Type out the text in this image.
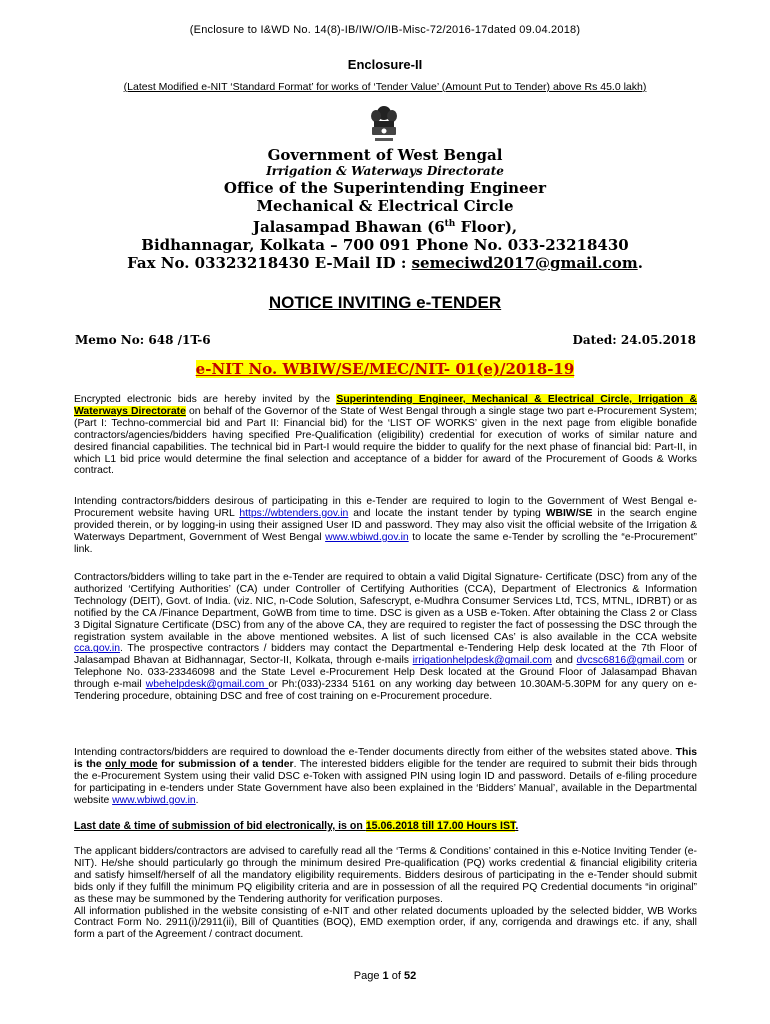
(Enclosure to I&WD No. 14(8)-IB/IW/O/IB-Misc-72/2016-17dated 09.04.2018)
Enclosure-II
(Latest Modified e-NIT ‘Standard Format’ for works of ‘Tender Value’ (Amount Put to Tender) above Rs 45.0 lakh)
Government of West Bengal
Irrigation & Waterways Directorate
Office of the Superintending Engineer
Mechanical & Electrical Circle
Jalasampad Bhawan (6th Floor),
Bidhannagar, Kolkata – 700 091 Phone No. 033-23218430
Fax No. 03323218430 E-Mail ID : semeciwd2017@gmail.com.
NOTICE INVITING e-TENDER
Memo No: 648 /1T-6	Dated: 24.05.2018
e-NIT No. WBIW/SE/MEC/NIT- 01(e)/2018-19
Encrypted electronic bids are hereby invited by the Superintending Engineer, Mechanical & Electrical Circle, Irrigation & Waterways Directorate on behalf of the Governor of the State of West Bengal through a single stage two part e-Procurement System; (Part I: Techno-commercial bid and Part II: Financial bid) for the ‘LIST OF WORKS’ given in the next page from eligible bonafide contractors/agencies/bidders having specified Pre-Qualification (eligibility) credential for execution of works of similar nature and desired financial capabilities. The technical bid in Part-I would require the bidder to qualify for the next phase of financial bid: Part-II, in which L1 bid price would determine the final selection and acceptance of a bidder for award of the Procurement of Goods & Works contract.
Intending contractors/bidders desirous of participating in this e-Tender are required to login to the Government of West Bengal e-Procurement website having URL https://wbtenders.gov.in and locate the instant tender by typing WBIW/SE in the search engine provided therein, or by logging-in using their assigned User ID and password. They may also visit the official website of the Irrigation & Waterways Department, Government of West Bengal www.wbiwd.gov.in to locate the same e-Tender by scrolling the “e-Procurement” link.
Contractors/bidders willing to take part in the e-Tender are required to obtain a valid Digital Signature- Certificate (DSC) from any of the authorized ‘Certifying Authorities’ (CA) under Controller of Certifying Authorities (CCA), Department of Electronics & Information Technology (DEIT), Govt. of India. (viz. NIC, n-Code Solution, Safescrypt, e-Mudhra Consumer Services Ltd, TCS, MTNL, IDRBT) or as notified by the CA /Finance Department, GoWB from time to time. DSC is given as a USB e-Token. After obtaining the Class 2 or Class 3 Digital Signature Certificate (DSC) from any of the above CA, they are required to register the fact of possessing the DSC through the registration system available in the above mentioned websites. A list of such licensed CAs’ is also available in the CCA website cca.gov.in. The prospective contractors / bidders may contact the Departmental e-Tendering Help desk located at the 7th Floor of Jalasampad Bhavan at Bidhannagar, Sector-II, Kolkata, through e-mails irrigationhelpdesk@gmail.com and dvcsc6816@gmail.com or Telephone No. 033-23346098 and the State Level e-Procurement Help Desk located at the Ground Floor of Jalasampad Bhavan through e-mail wbehelpdesk@gmail.com or Ph:(033)-2334 5161 on any working day between 10.30AM-5.30PM for any query on e-Tendering procedure, obtaining DSC and free of cost training on e-Procurement procedure.
Intending contractors/bidders are required to download the e-Tender documents directly from either of the websites stated above. This is the only mode for submission of a tender. The interested bidders eligible for the tender are required to submit their bids through the e-Procurement System using their valid DSC e-Token with assigned PIN using login ID and password. Details of e-filing procedure for participating in e-tenders under State Government have also been explained in the ‘Bidders’ Manual’, available in the Departmental website www.wbiwd.gov.in.
Last date & time of submission of bid electronically, is on 15.06.2018 till 17.00 Hours IST.
The applicant bidders/contractors are advised to carefully read all the ‘Terms & Conditions’ contained in this e-Notice Inviting Tender (e-NIT). He/she should particularly go through the minimum desired Pre-qualification (PQ) works credential & financial eligibility criteria and satisfy himself/herself of all the mandatory eligibility requirements. Bidders desirous of participating in the e-Tender should submit bids only if they fulfill the minimum PQ eligibility criteria and are in possession of all the required PQ Credential documents “in original” as these may be summoned by the Tendering authority for verification purposes.
All information published in the website consisting of e-NIT and other related documents uploaded by the selected bidder, WB Works Contract Form No. 2911(i)/2911(ii), Bill of Quantities (BOQ), EMD exemption order, if any, corrigenda and drawings etc. if any, shall form a part of the Agreement / contract document.
Page 1 of 52
